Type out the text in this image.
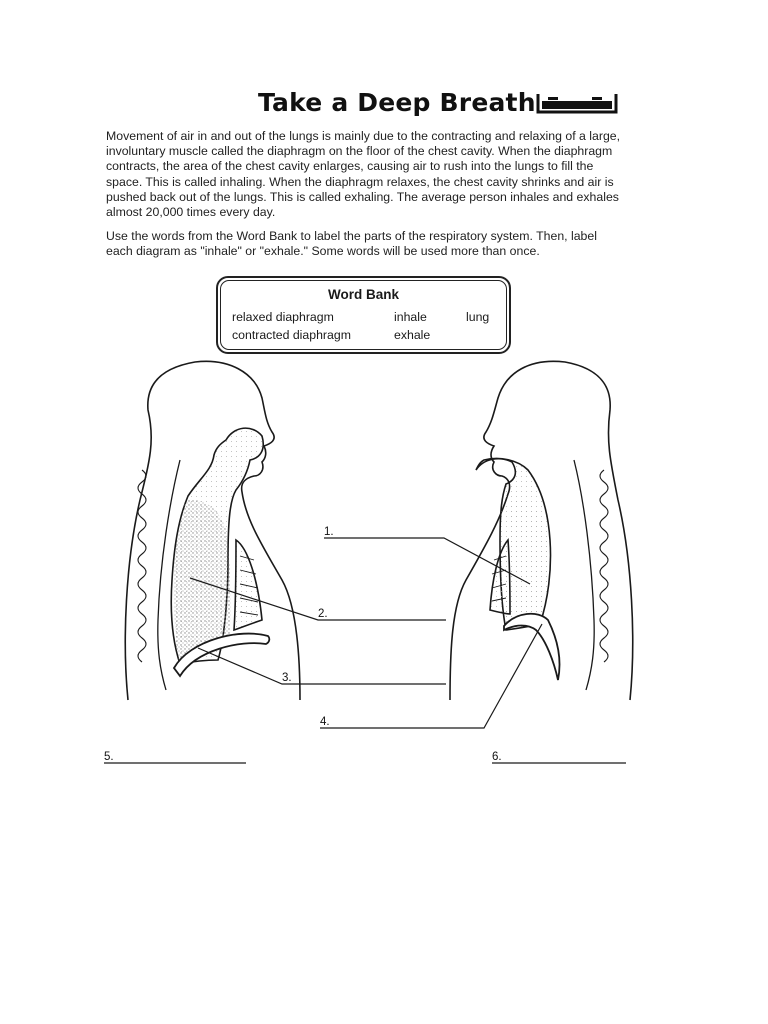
Take a Deep Breath

Movement of air in and out of the lungs is mainly due to the contracting and relaxing of a large, involuntary muscle called the diaphragm on the floor of the chest cavity. When the diaphragm contracts, the area of the chest cavity enlarges, causing air to rush into the lungs to fill the space. This is called inhaling. When the diaphragm relaxes, the chest cavity shrinks and air is pushed back out of the lungs. This is called exhaling. The average person inhales and exhales almost 20,000 times every day.

Use the words from the Word Bank to label the parts of the respiratory system. Then, label each diagram as "inhale" or "exhale." Some words will be used more than once.

Word Bank

relaxed diaphragm	inhale	lung
contracted diaphragm	exhale
1.
2.
3.
4.
5.	6.
